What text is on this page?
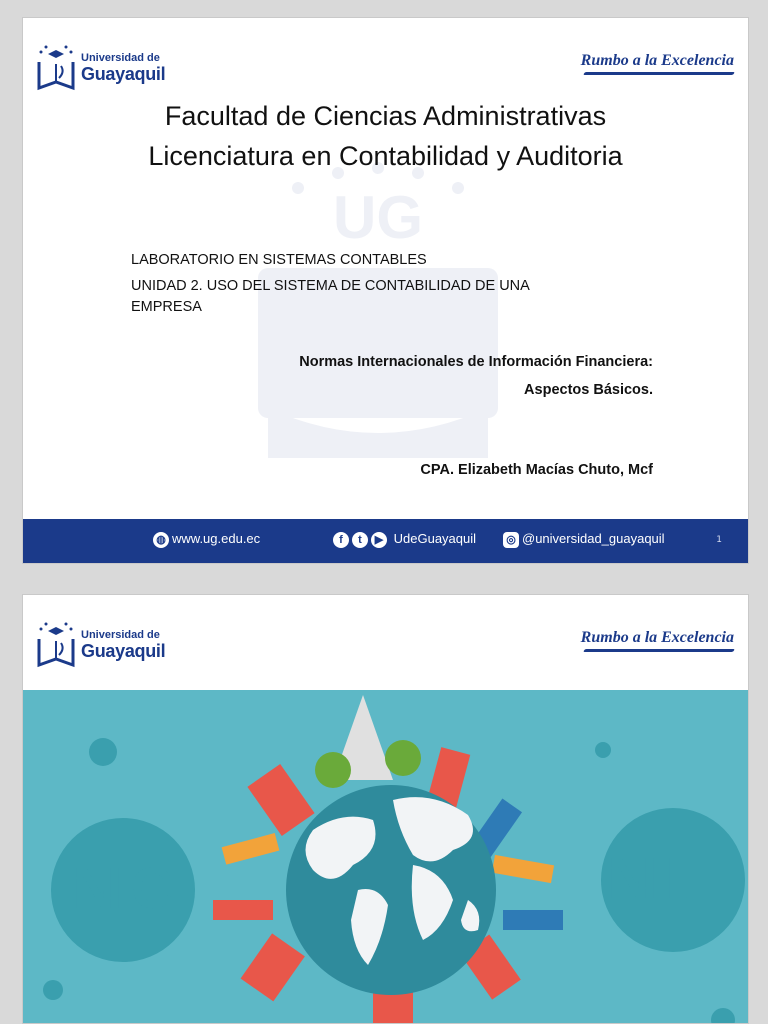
UG
Universidad de
Guayaquil
Rumbo a la Excelencia
Facultad de Ciencias Administrativas
Licenciatura en Contabilidad y Auditoria
LABORATORIO EN SISTEMAS CONTABLES
UNIDAD 2. USO DEL SISTEMA DE CONTABILIDAD DE UNA EMPRESA
Normas Internacionales de Información Financiera:
Aspectos Básicos.
CPA. Elizabeth Macías Chuto, Mcf
◍ www.ug.edu.ec	f t ▶ UdeGuayaquil	◎ @universidad_guayaquil	1
Universidad de
Guayaquil
Rumbo a la Excelencia
NIC	NIIF
